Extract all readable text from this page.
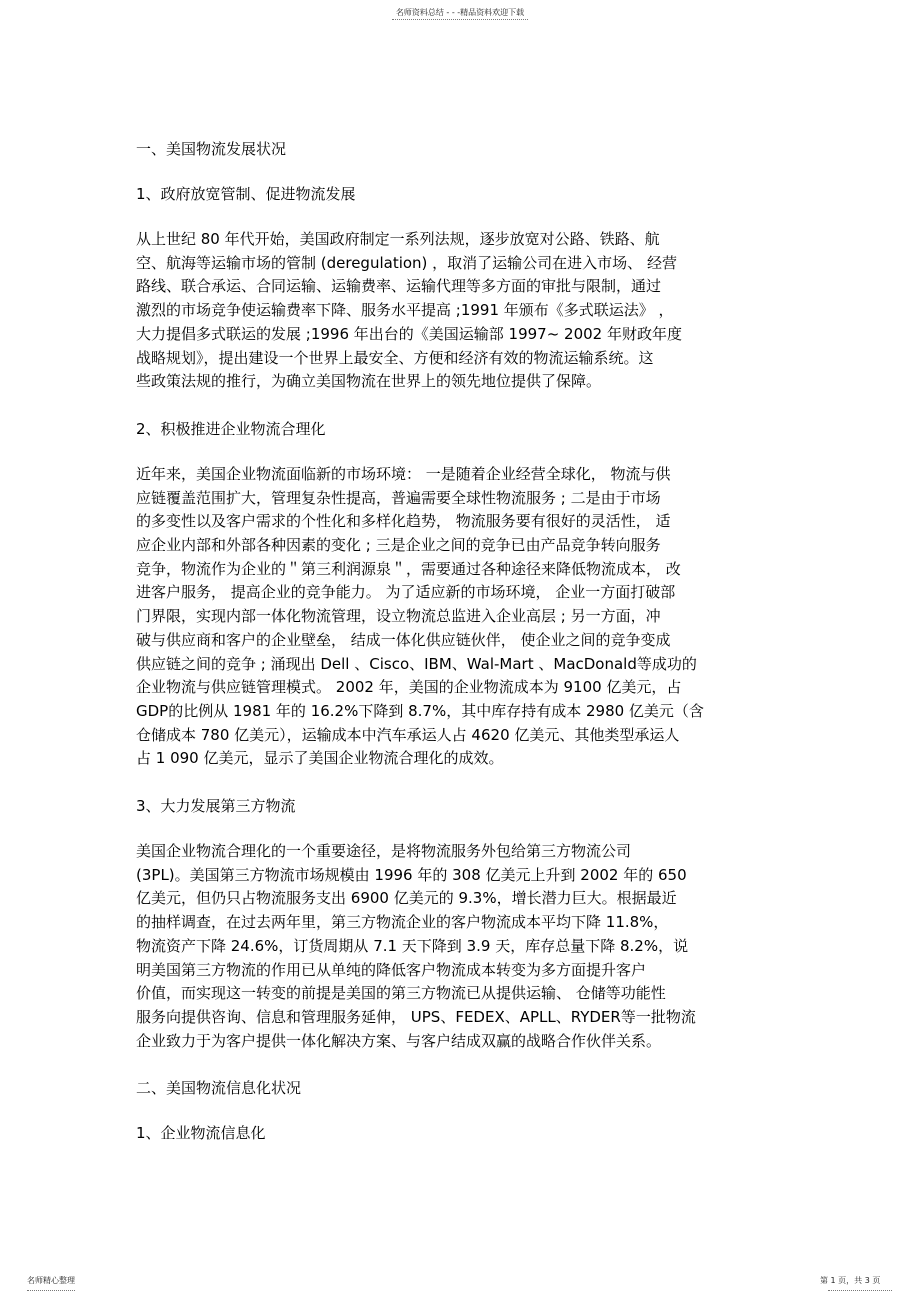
名师资料总结 - - -精品资料欢迎下载
一、美国物流发展状况
1、政府放宽管制、促进物流发展
从上世纪 80 年代开始，美国政府制定一系列法规，逐步放宽对公路、铁路、航
空、航海等运输市场的管制 (deregulation) ，取消了运输公司在进入市场、 经营
路线、联合承运、合同运输、运输费率、运输代理等多方面的审批与限制，通过
激烈的市场竞争使运输费率下降、服务水平提高 ;1991 年颁布《多式联运法》 ，
大力提倡多式联运的发展 ;1996 年出台的《美国运输部 1997~ 2002 年财政年度
战略规划》，提出建设一个世界上最安全、方便和经济有效的物流运输系统。这
些政策法规的推行，为确立美国物流在世界上的领先地位提供了保障。
2、积极推进企业物流合理化
近年来，美国企业物流面临新的市场环境： 一是随着企业经营全球化， 物流与供
应链覆盖范围扩大，管理复杂性提高，普遍需要全球性物流服务 ; 二是由于市场
的多变性以及客户需求的个性化和多样化趋势， 物流服务要有很好的灵活性， 适
应企业内部和外部各种因素的变化 ; 三是企业之间的竞争已由产品竞争转向服务
竞争，物流作为企业的＂第三利润源泉＂，需要通过各种途径来降低物流成本， 改
进客户服务， 提高企业的竞争能力。 为了适应新的市场环境， 企业一方面打破部
门界限，实现内部一体化物流管理，设立物流总监进入企业高层 ; 另一方面，冲
破与供应商和客户的企业壁垒， 结成一体化供应链伙伴， 使企业之间的竞争变成
供应链之间的竞争 ; 涌现出 Dell 、Cisco、IBM、Wal-Mart 、MacDonald等成功的
企业物流与供应链管理模式。 2002 年，美国的企业物流成本为 9100 亿美元，占
GDP的比例从 1981 年的 16.2%下降到 8.7%，其中库存持有成本 2980 亿美元（含
仓储成本 780 亿美元），运输成本中汽车承运人占 4620 亿美元、其他类型承运人
占 1 090 亿美元，显示了美国企业物流合理化的成效。
3、大力发展第三方物流
美国企业物流合理化的一个重要途径，是将物流服务外包给第三方物流公司
(3PL)。美国第三方物流市场规模由 1996 年的 308 亿美元上升到 2002 年的 650
亿美元，但仍只占物流服务支出 6900 亿美元的 9.3%，增长潜力巨大。根据最近
的抽样调查，在过去两年里，第三方物流企业的客户物流成本平均下降 11.8%，
物流资产下降 24.6%，订货周期从 7.1 天下降到 3.9 天，库存总量下降 8.2%，说
明美国第三方物流的作用已从单纯的降低客户物流成本转变为多方面提升客户
价值，而实现这一转变的前提是美国的第三方物流已从提供运输、 仓储等功能性
服务向提供咨询、信息和管理服务延伸， UPS、FEDEX、APLL、RYDER等一批物流
企业致力于为客户提供一体化解决方案、与客户结成双赢的战略合作伙伴关系。
二、美国物流信息化状况
1、企业物流信息化
名师精心整理	第 1 页，共 3 页
